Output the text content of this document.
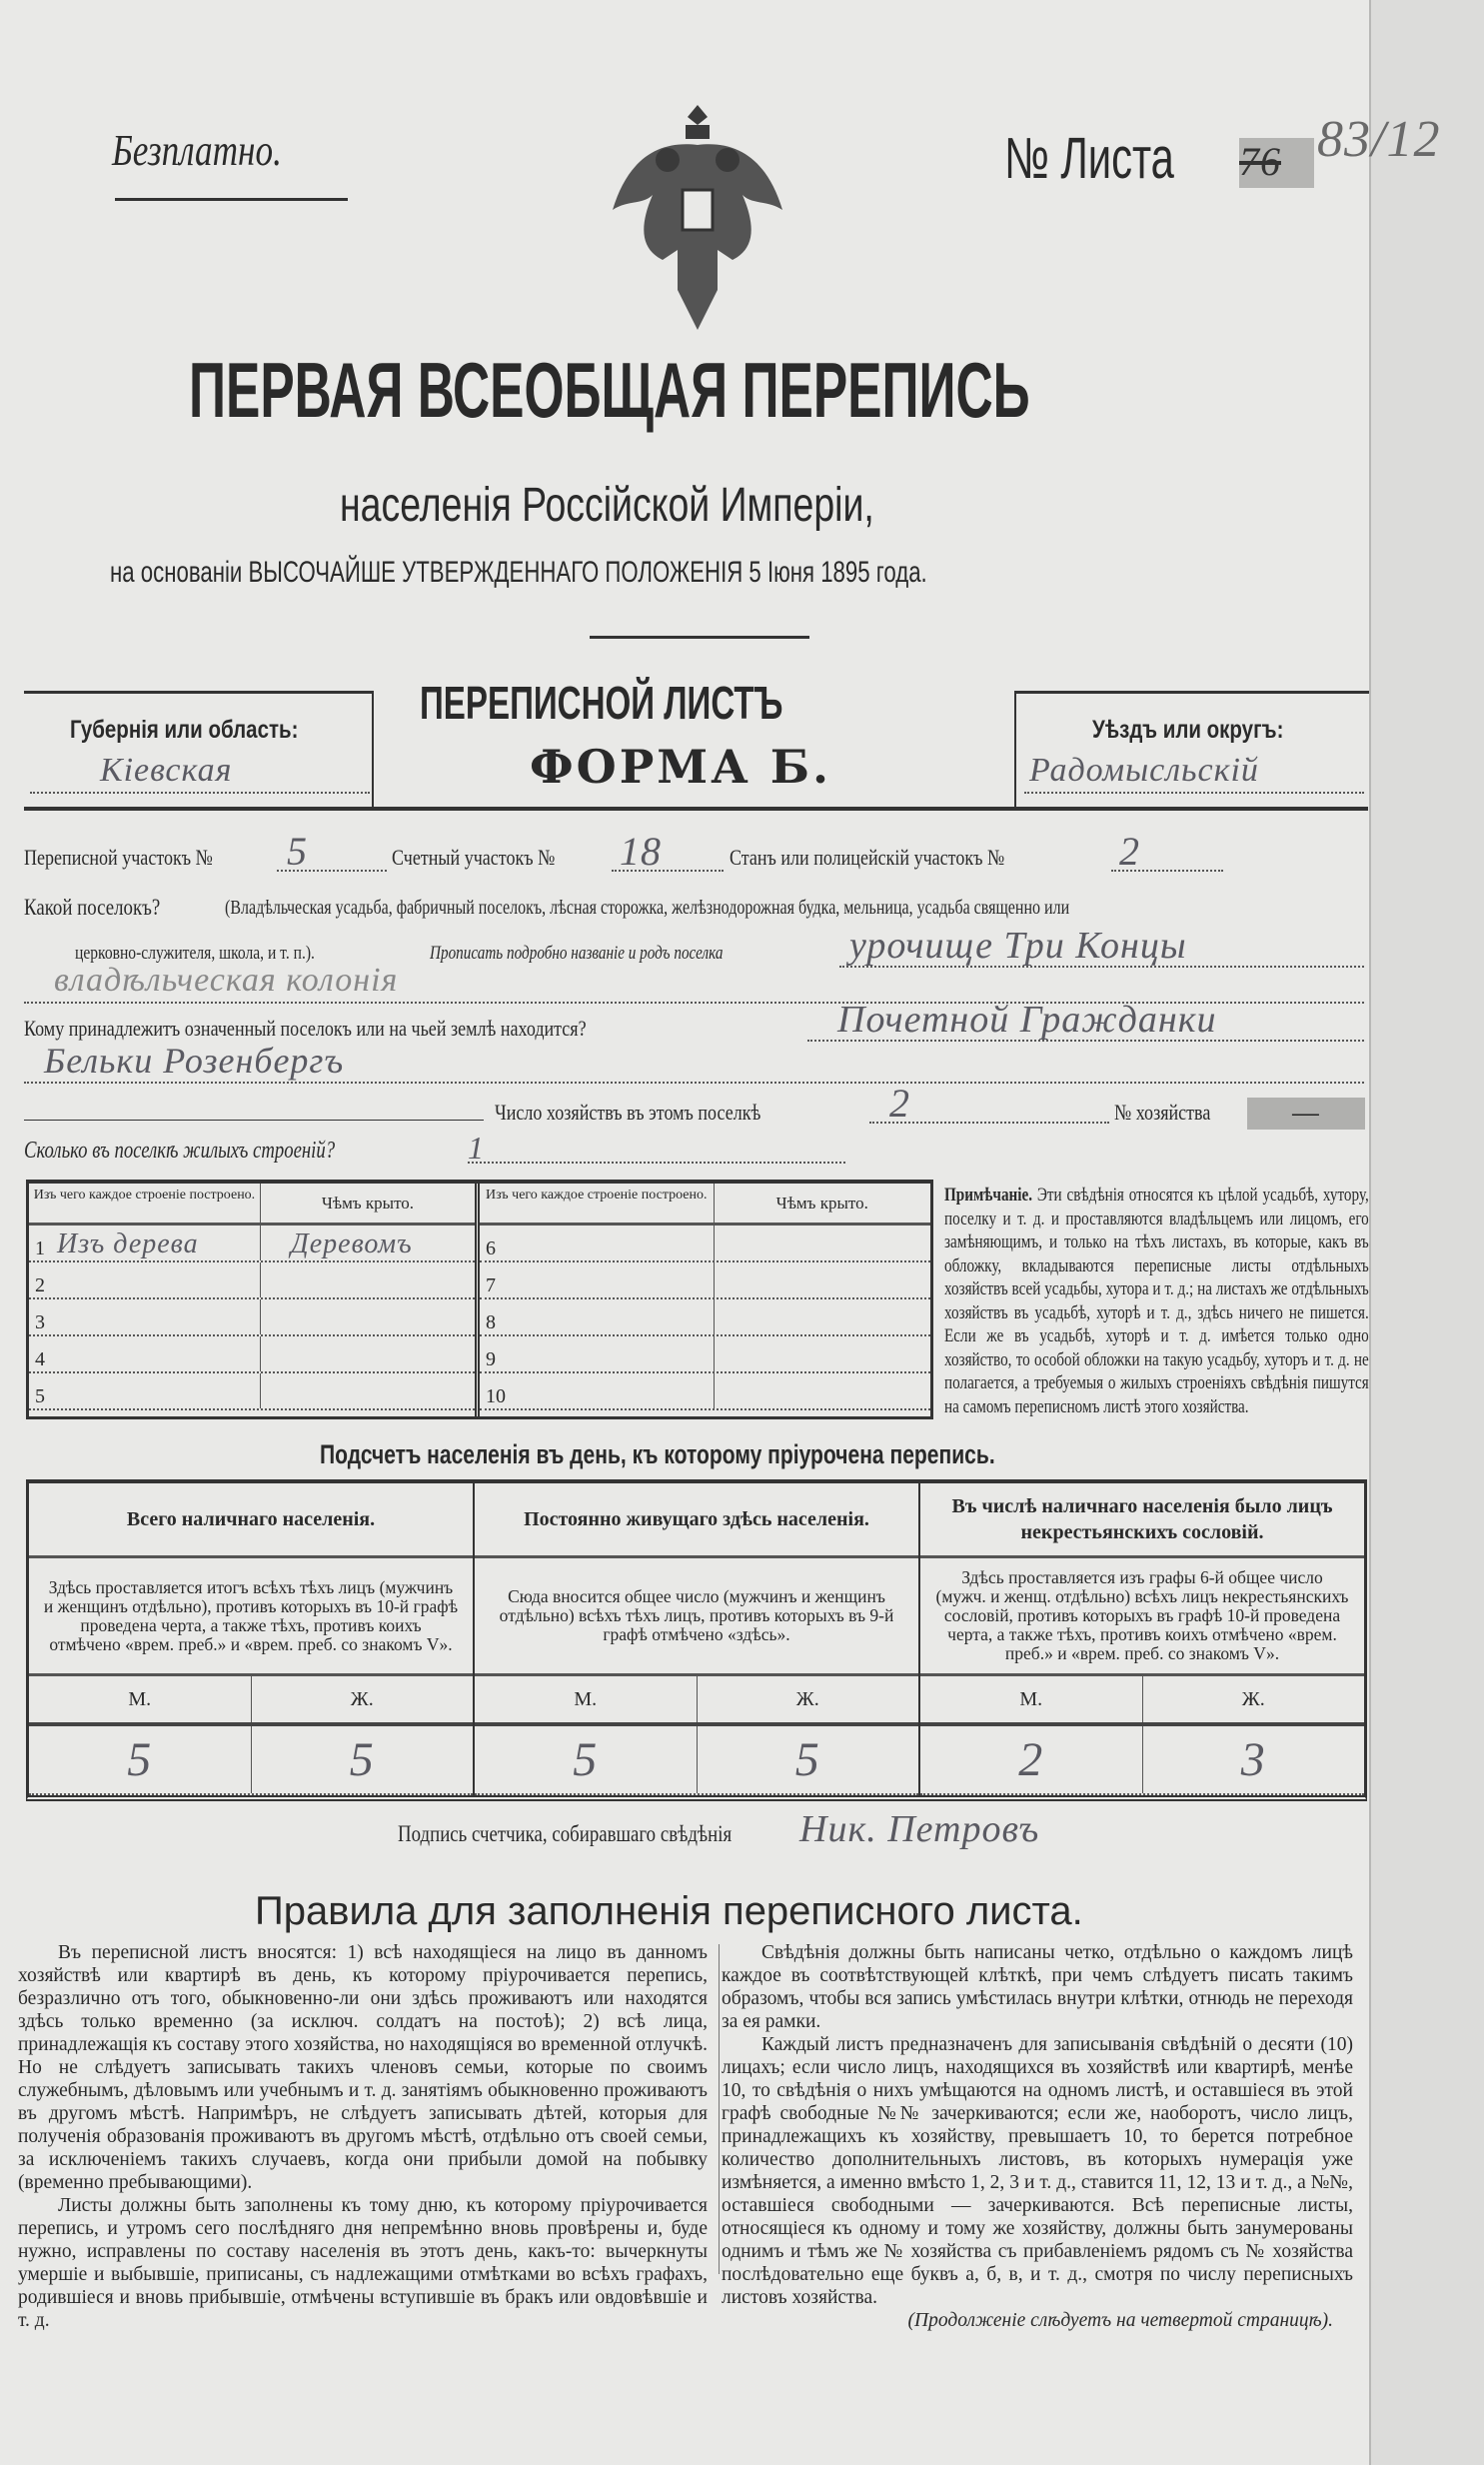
Безплатно.	№ Листа	76 83/12
ПЕРВАЯ ВСЕОБЩАЯ ПЕРЕПИСЬ
населенія Россійской Имперіи,
на основаніи ВЫСОЧАЙШЕ УТВЕРЖДЕННАГО ПОЛОЖЕНІЯ 5 Іюня 1895 года.
Губернія или область:
Кіевская
ПЕРЕПИСНОЙ ЛИСТЪ
ФОРМА Б.
Уѣздъ или округъ:
Радомысльскій
Переписной участокъ №	5	Счетный участокъ №	18	Станъ или полицейскій участокъ №	2
Какой поселокъ?	(Владѣльческая усадьба, фабричный поселокъ, лѣсная сторожка, желѣзнодорожная будка, мельница, усадьба священно или
церковно-служителя, школа, и т. п.).	Прописать подробно названіе и родъ поселка	урочище Три Концы
владѣльческая колонія
Кому принадлежитъ означенный поселокъ или на чьей землѣ находится?	Почетной Гражданки
Бельки Розенбергъ
Число хозяйствъ въ этомъ поселкѣ	2	№ хозяйства	—
Сколько въ поселкѣ жилыхъ строеній?	1
Изъ чего каждое строеніе построено.	Чѣмъ крыто.
1 Изъ дерева	Деревомъ
2
3
4
5
Изъ чего каждое строеніе построено.	Чѣмъ крыто.
6
7
8
9
10
Примѣчаніе. Эти свѣдѣнія относятся къ цѣлой усадьбѣ, хутору, поселку и т. д. и проставляются владѣльцемъ или лицомъ, его замѣняющимъ, и только на тѣхъ листахъ, въ которые, какъ въ обложку, вкладываются переписные листы отдѣльныхъ хозяйствъ всей усадьбы, хутора и т. д.; на листахъ же отдѣльныхъ хозяйствъ въ усадьбѣ, хуторѣ и т. д., здѣсь ничего не пишется. Если же въ усадьбѣ, хуторѣ и т. д. имѣется только одно хозяйство, то особой обложки на такую усадьбу, хуторъ и т. д. не полагается, а требуемыя о жилыхъ строеніяхъ свѣдѣнія пишутся на самомъ переписномъ листѣ этого хозяйства.
Подсчетъ населенія въ день, къ которому пріурочена перепись.
Всего наличнаго населенія.
Здѣсь проставляется итогъ всѣхъ тѣхъ лицъ (мужчинъ и женщинъ отдѣльно), противъ которыхъ въ 10-й графѣ проведена черта, а также тѣхъ, противъ коихъ отмѣчено «врем. преб.» и «врем. преб. со знакомъ V».
М.	Ж.
5	5
Постоянно живущаго здѣсь населенія.
Сюда вносится общее число (мужчинъ и женщинъ отдѣльно) всѣхъ тѣхъ лицъ, противъ которыхъ въ 9-й графѣ отмѣчено «здѣсь».
М.	Ж.
5	5
Въ числѣ наличнаго населенія было лицъ некрестьянскихъ сословій.
Здѣсь проставляется изъ графы 6-й общее число (мужч. и женщ. отдѣльно) всѣхъ лицъ некрестьянскихъ сословій, противъ которыхъ въ графѣ 10-й проведена черта, а также тѣхъ, противъ коихъ отмѣчено «врем. преб.» и «врем. преб. со знакомъ V».
М.	Ж.
2	3
Подпись счетчика, собиравшаго свѣдѣнія	Ник. Петровъ
Правила для заполненія переписного листа.

Въ переписной листъ вносятся: 1) всѣ находящіеся на лицо въ данномъ хозяйствѣ или квартирѣ въ день, къ которому пріурочивается перепись, безразлично отъ того, обыкновенно-ли они здѣсь проживаютъ или находятся здѣсь только временно (за исключ. солдатъ на постоѣ); 2) всѣ лица, принадлежащія къ составу этого хозяйства, но находящіяся во временной отлучкѣ. Но не слѣдуетъ записывать такихъ членовъ семьи, которые по своимъ служебнымъ, дѣловымъ или учебнымъ и т. д. занятіямъ обыкновенно проживаютъ въ другомъ мѣстѣ. Напримѣръ, не слѣдуетъ записывать дѣтей, которыя для полученія образованія проживаютъ въ другомъ мѣстѣ, отдѣльно отъ своей семьи, за исключеніемъ такихъ случаевъ, когда они прибыли домой на побывку (временно пребывающими).

Листы должны быть заполнены къ тому дню, къ которому пріурочивается перепись, и утромъ сего послѣдняго дня непремѣнно вновь провѣрены и, буде нужно, исправлены по составу населенія въ этотъ день, какъ-то: вычеркнуты умершіе и выбывшіе, приписаны, съ надлежащими отмѣтками во всѣхъ графахъ, родившіеся и вновь прибывшіе, отмѣчены вступившіе въ бракъ или овдовѣвшіе и т. д.

Свѣдѣнія должны быть написаны четко, отдѣльно о каждомъ лицѣ каждое въ соотвѣтствующей клѣткѣ, при чемъ слѣдуетъ писать такимъ образомъ, чтобы вся запись умѣстилась внутри клѣтки, отнюдь не переходя за ея рамки.

Каждый листъ предназначенъ для записыванія свѣдѣній о десяти (10) лицахъ; если число лицъ, находящихся въ хозяйствѣ или квартирѣ, менѣе 10, то свѣдѣнія о нихъ умѣщаются на одномъ листѣ, и оставшіеся въ этой графѣ свободные №№ зачеркиваются; если же, наоборотъ, число лицъ, принадлежащихъ къ хозяйству, превышаетъ 10, то берется потребное количество дополнительныхъ листовъ, въ которыхъ нумерація уже измѣняется, а именно вмѣсто 1, 2, 3 и т. д., ставится 11, 12, 13 и т. д., а №№, оставшіеся свободными — зачеркиваются. Всѣ переписные листы, относящіеся къ одному и тому же хозяйству, должны быть занумерованы однимъ и тѣмъ же № хозяйства съ прибавленіемъ рядомъ съ № хозяйства послѣдовательно еще буквъ а, б, в, и т. д., смотря по числу переписныхъ листовъ хозяйства.

(Продолженіе слѣдуетъ на четвертой страницѣ).
